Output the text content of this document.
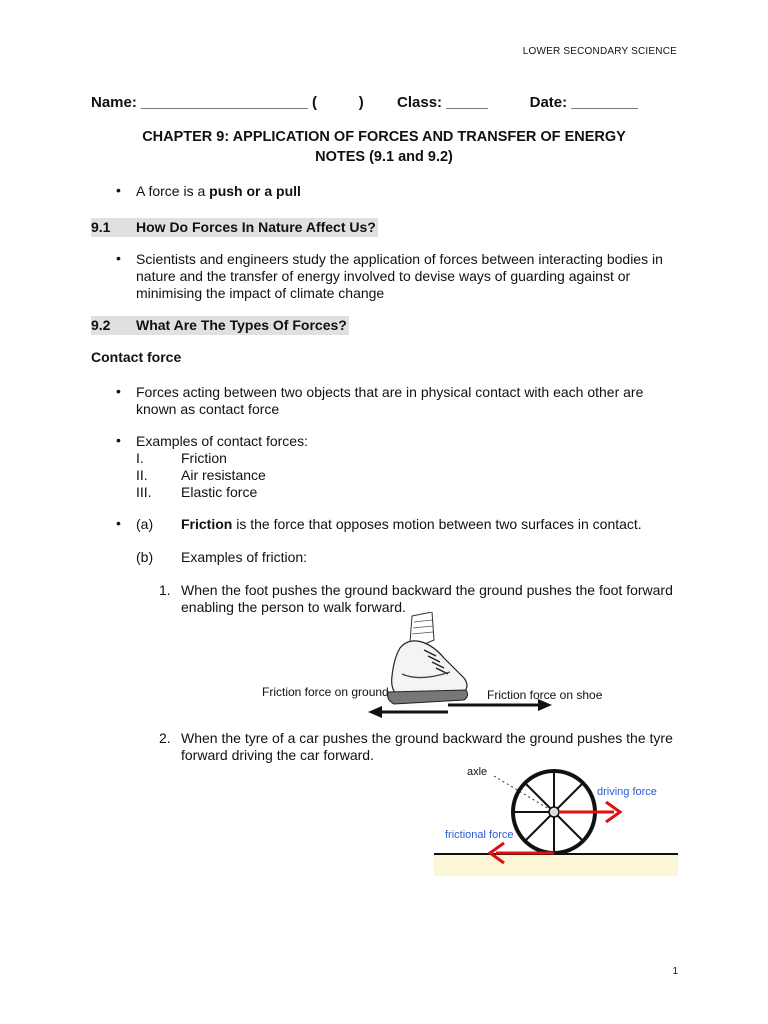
LOWER SECONDARY SCIENCE
Name: ____________________ (          )        Class: _____          Date: ________
CHAPTER 9: APPLICATION OF FORCES AND TRANSFER OF ENERGY
NOTES (9.1 and 9.2)
• A force is a push or a pull
9.1 How Do Forces In Nature Affect Us?
• Scientists and engineers study the application of forces between interacting bodies in nature and the transfer of energy involved to devise ways of guarding against or minimising the impact of climate change
9.2 What Are The Types Of Forces?
Contact force
• Forces acting between two objects that are in physical contact with each other are known as contact force
• Examples of contact forces:
I.	Friction
II. Air resistance
III. Elastic force
• (a) Friction is the force that opposes motion between two surfaces in contact.
(b) Examples of friction:
1. When the foot pushes the ground backward the ground pushes the foot forward enabling the person to walk forward.
Friction force on ground	Friction force on shoe
2. When the tyre of a car pushes the ground backward the ground pushes the tyre forward driving the car forward.
axle
driving force
frictional force
1
